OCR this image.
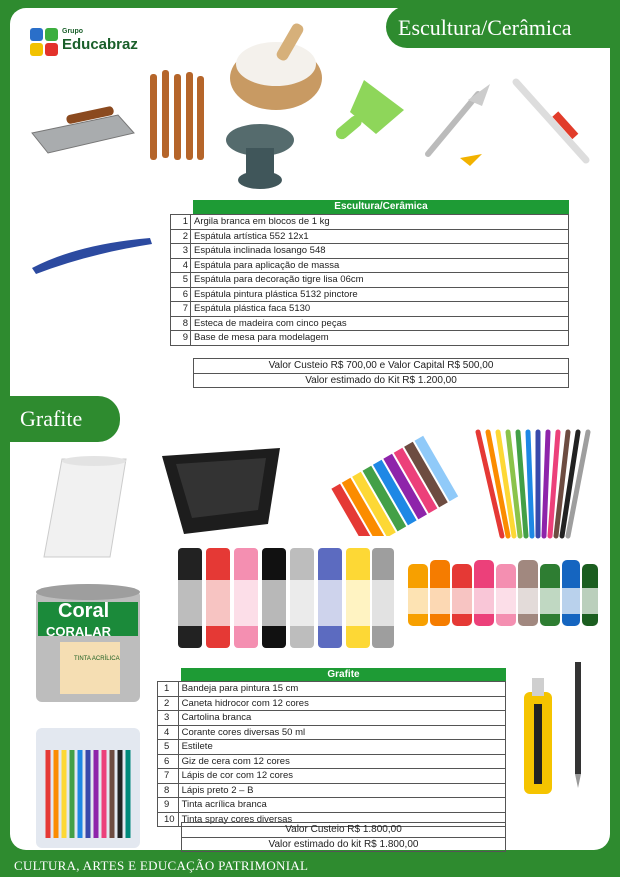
Escultura/Cerâmica
Grafite
CULTURA, ARTES E EDUCAÇÃO PATRIMONIAL
Grupo
Educabraz
Escultura/Cerâmica
1	Argila branca em blocos de 1 kg
2	Espátula artística 552 12x1
3	Espátula inclinada losango 548
4	Espátula para aplicação de massa
5	Espátula para decoração tigre lisa 06cm
6	Espátula pintura plástica 5132 pinctore
7	Espátula plástica faca 5130
8	Esteca de madeira com cinco peças
9	Base de mesa para modelagem
Valor Custeio R$ 700,00 e Valor Capital R$ 500,00
Valor estimado do Kit R$ 1.200,00
Coral
CORALAR
TINTA ACRÍLICA
Grafite
1	Bandeja para pintura 15 cm
2	Caneta hidrocor com 12 cores
3	Cartolina branca
4	Corante cores diversas 50 ml
5	Estilete
6	Giz de cera com 12 cores
7	Lápis de cor com 12 cores
8	Lápis preto 2 – B
9	Tinta acrílica branca
10	Tinta spray cores diversas
Valor Custeio R$ 1.800,00
Valor estimado do kit R$ 1.800,00
